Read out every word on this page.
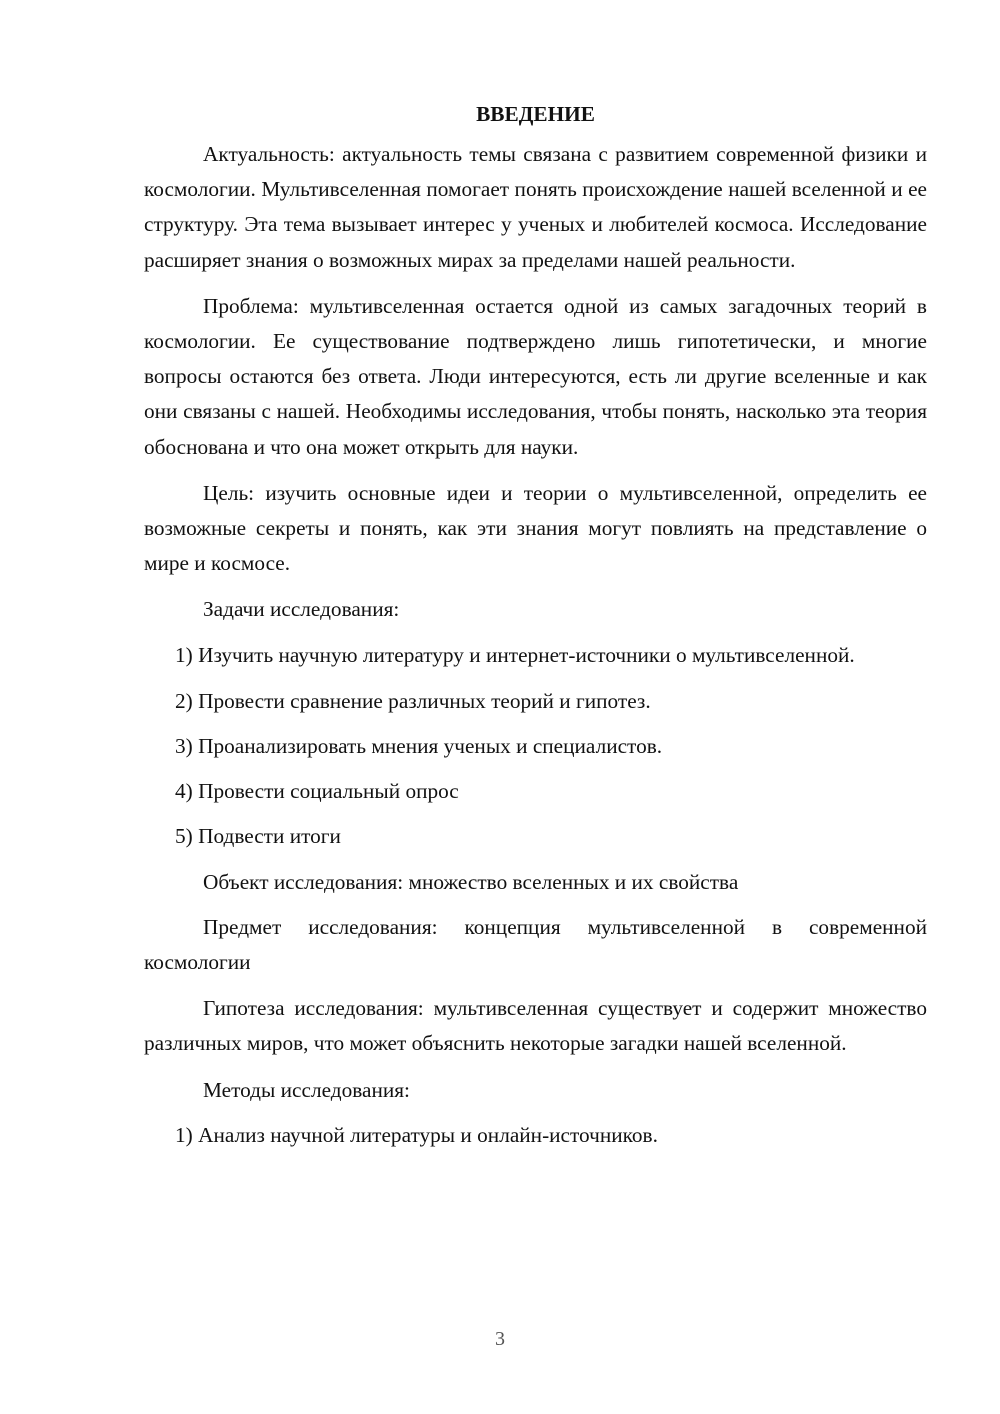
ВВЕДЕНИЕ

Актуальность: актуальность темы связана с развитием современной физики и космологии. Мультивселенная помогает понять происхождение нашей вселенной и ее структуру. Эта тема вызывает интерес у ученых и любителей космоса. Исследование расширяет знания о возможных мирах за пределами нашей реальности.

Проблема: мультивселенная остается одной из самых загадочных теорий в космологии. Ее существование подтверждено лишь гипотетически, и многие вопросы остаются без ответа. Люди интересуются, есть ли другие вселенные и как они связаны с нашей. Необходимы исследования, чтобы понять, насколько эта теория обоснована и что она может открыть для науки.

Цель: изучить основные идеи и теории о мультивселенной, определить ее возможные секреты и понять, как эти знания могут повлиять на представление о мире и космосе.

Задачи исследования:

1) Изучить научную литературу и интернет-источники о мультивселенной.

2) Провести сравнение различных теорий и гипотез.

3) Проанализировать мнения ученых и специалистов.

4) Провести социальный опрос

5) Подвести итоги

Объект исследования: множество вселенных и их свойства

Предмет исследования: концепция мультивселенной в современной космологии

Гипотеза исследования: мультивселенная существует и содержит множество различных миров, что может объяснить некоторые загадки нашей вселенной.

Методы исследования:

1) Анализ научной литературы и онлайн-источников.

3
